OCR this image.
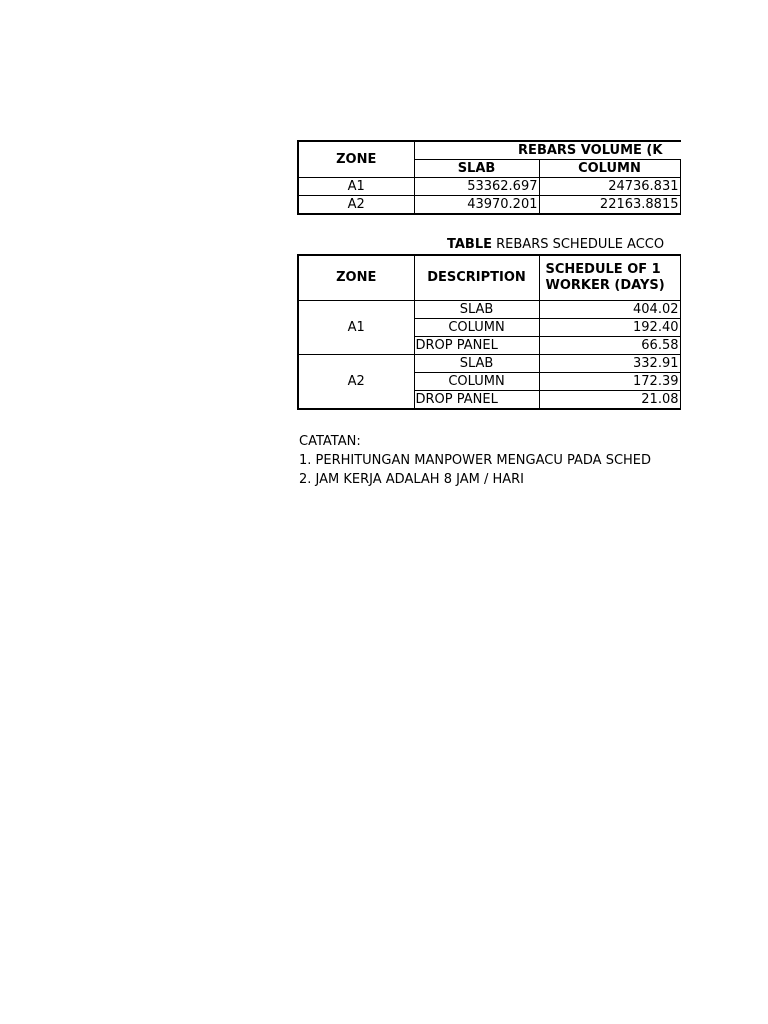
ZONE	REBARS VOLUME (K		
	SLAB	COLUMN	
A1	53362.697	24736.831	
A2	43970.201	22163.8815	
TABLE REBARS SCHEDULE ACCO
ZONE	DESCRIPTION	SCHEDULE OF 1
WORKER (DAYS)	
A1	SLAB	404.02	
	COLUMN	192.40	
	DROP PANEL	66.58	
A2	SLAB	332.91	
	COLUMN	172.39	
	DROP PANEL	21.08	
CATATAN:
1. PERHITUNGAN MANPOWER MENGACU PADA SCHED
2. JAM KERJA ADALAH 8 JAM / HARI
